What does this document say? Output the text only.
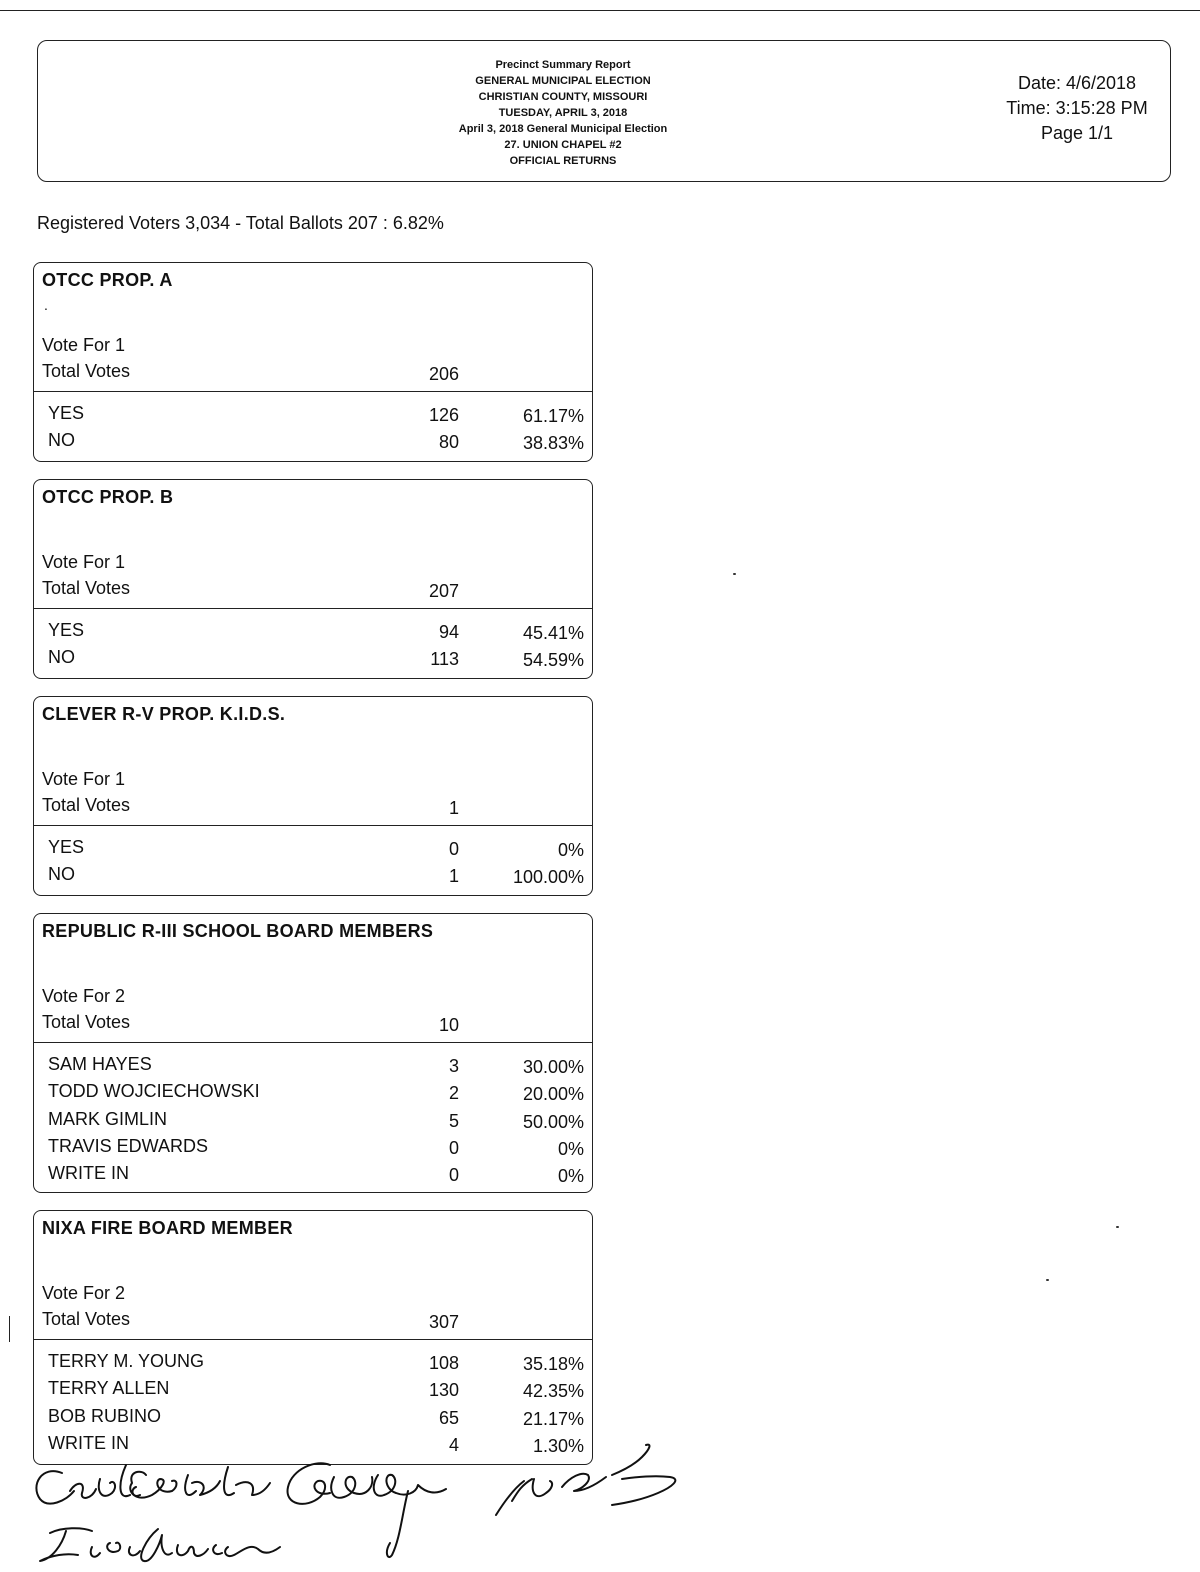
Precinct Summary Report
GENERAL MUNICIPAL ELECTION
CHRISTIAN COUNTY, MISSOURI
TUESDAY, APRIL 3, 2018
April 3, 2018 General Municipal Election
27. UNION CHAPEL #2
OFFICIAL RETURNS
Date: 4/6/2018
Time: 3:15:28 PM
Page 1/1
Registered Voters 3,034 - Total Ballots 207 : 6.82%
OTCC PROP. A
.
Vote For 1
Total Votes	206
YES	126	61.17%
NO	80	38.83%
OTCC PROP. B
Vote For 1
Total Votes	207
YES	94	45.41%
NO	113	54.59%
CLEVER R-V PROP. K.I.D.S.
Vote For 1
Total Votes	1
YES	0	0%
NO	1	100.00%
REPUBLIC R-III SCHOOL BOARD MEMBERS
Vote For 2
Total Votes	10
SAM HAYES	3	30.00%
TODD WOJCIECHOWSKI	2	20.00%
MARK GIMLIN	5	50.00%
TRAVIS EDWARDS	0	0%
WRITE IN	0	0%
NIXA FIRE BOARD MEMBER
Vote For 2
Total Votes	307
TERRY M. YOUNG	108	35.18%
TERRY ALLEN	130	42.35%
BOB RUBINO	65	21.17%
WRITE IN	4	1.30%
